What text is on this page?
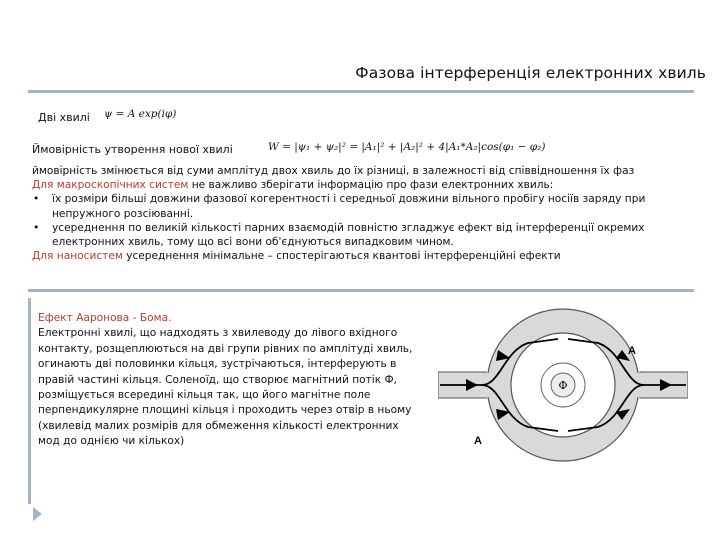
Фазова інтерференція електронних хвиль
Дві хвилі ψ = A exp(iφ)
Ймовірність утворення нової хвилі	W = |ψ₁ + ψ₂|² = |A₁|² + |A₂|² + 4|A₁*A₂|cos(φ₁ − φ₂)

ймовірність змінюється від суми амплітуд двох хвиль до їх різниці, в залежності від співвідношення їх фаз

Для макроскопічних систем не важливо зберігати інформацію про фази електронних хвиль:

• їх розміри більші довжини фазової когерентності і середньої довжини вільного пробігу носіїв заряду при непружного розсіюванні.
• усереднення по великій кількості парних взаємодій повністю згладжує ефект від інтерференції окремих електронних хвиль, тому що всі вони об'єднуються випадковим чином.

Для наносистем усереднення мінімальне – спостерігаються квантові інтерференційні ефекти

Ефект Ааронова - Бома.

Електронні хвилі, що надходять з хвилеводу до лівого вхідного контакту, розщеплюються на дві групи рівних по амплітуді хвиль, огинають дві половинки кільця, зустрічаються, інтерферують в правій частині кільця. Соленоїд, що створює магнітний потік Ф, розміщується всередині кільця так, що його магнітне поле перпендикулярне площині кільця і проходить через отвір в ньому (хвилевід малих розмірів для обмеження кількості електронних мод до однією чи кількох)

Φ
A
A
